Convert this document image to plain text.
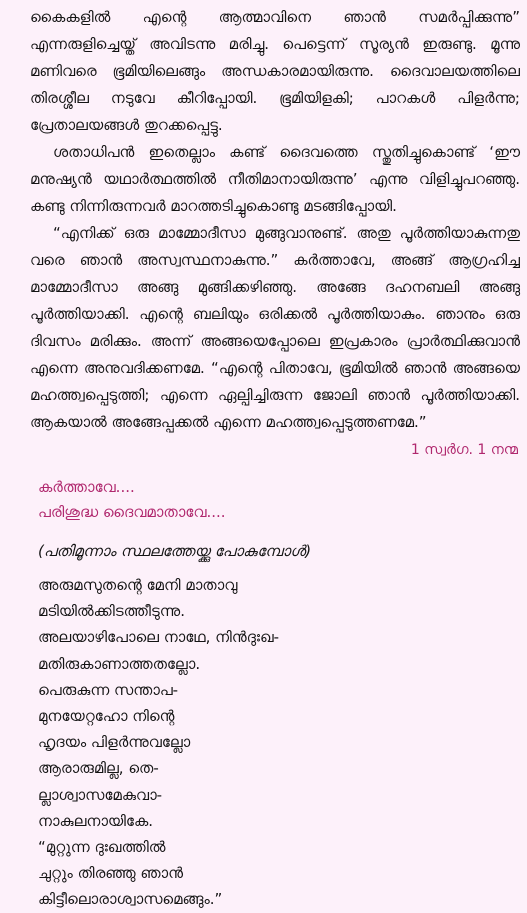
കൈകളിൽ എന്റെ ആത്മാവിനെ ഞാൻ സമർപ്പിക്കുന്നു” എന്നരുളിച്ചെയ്ത് അവിടന്നു മരിച്ചു. പെട്ടെന്ന് സൂര്യൻ ഇരുണ്ടു. മൂന്നു മണിവരെ ഭൂമിയിലെങ്ങും അന്ധകാരമായിരുന്നു. ദൈവാലയത്തിലെ തിരശ്ശീല നടുവേ കീറിപ്പോയി. ഭൂമിയിളകി; പാറകൾ പിളർന്നു; പ്രേതാലയങ്ങൾ തുറക്കപ്പെട്ടു.

ശതാധിപൻ ഇതെല്ലാം കണ്ട് ദൈവത്തെ സ്തുതിച്ചുകൊണ്ട് ‘ഈ മനുഷ്യൻ യഥാർത്ഥത്തിൽ നീതിമാനായിരുന്നു’ എന്നു വിളിച്ചുപറഞ്ഞു. കണ്ടു നിന്നിരുന്നവർ മാറത്തടിച്ചുകൊണ്ടു മടങ്ങിപ്പോയി.

“എനിക്ക് ഒരു മാമ്മോദീസാ മുങ്ങുവാനുണ്ട്. അതു പൂർത്തിയാകുന്നതു വരെ ഞാൻ അസ്വസ്ഥനാകുന്നു.” കർത്താവേ, അങ്ങ് ആഗ്രഹിച്ച മാമ്മോദീസാ അങ്ങു മുങ്ങിക്കഴിഞ്ഞു. അങ്ങേ ദഹനബലി അങ്ങു പൂർത്തിയാക്കി. എന്റെ ബലിയും ഒരിക്കൽ പൂർത്തിയാകും. ഞാനും ഒരു ദിവസം മരിക്കും. അന്ന് അങ്ങയെപ്പോലെ ഇപ്രകാരം പ്രാർത്ഥിക്കുവാൻ എന്നെ അനുവദിക്കണമേ. “എന്റെ പിതാവേ, ഭൂമിയിൽ ഞാൻ അങ്ങയെ മഹത്ത്വപ്പെടുത്തി; എന്നെ ഏല്പിച്ചിരുന്ന ജോലി ഞാൻ പൂർത്തിയാക്കി. ആകയാൽ അങ്ങേപ്പക്കൽ എന്നെ മഹത്ത്വപ്പെടുത്തണമേ.”

1 സ്വർഗ. 1 നന്മ
കർത്താവേ....
പരിശുദ്ധ ദൈവമാതാവേ....
(പതിമൂന്നാം സ്ഥലത്തേയ്ക്കു പോകുമ്പോൾ)
അരുമസുതന്റെ മേനി മാതാവു
മടിയിൽക്കിടത്തീടുന്നു.
അലയാഴിപോലെ നാഥേ, നിൻദുഃഖ-
മതിരുകാണാത്തതല്ലോ.
പെരുകുന്ന സന്താപ-
മുനയേറ്റഹോ നിന്റെ
ഹൃദയം പിളർന്നുവല്ലോ
ആരാരുമില്ല, തെ-
ല്ലാശ്വാസമേകുവാ-
നാകുലനായികേ.
“മുറ്റുന്ന ദുഃഖത്തിൽ
ചുറ്റും തിരഞ്ഞു ഞാൻ
കിട്ടീലൊരാശ്വാസമെങ്ങും.”
